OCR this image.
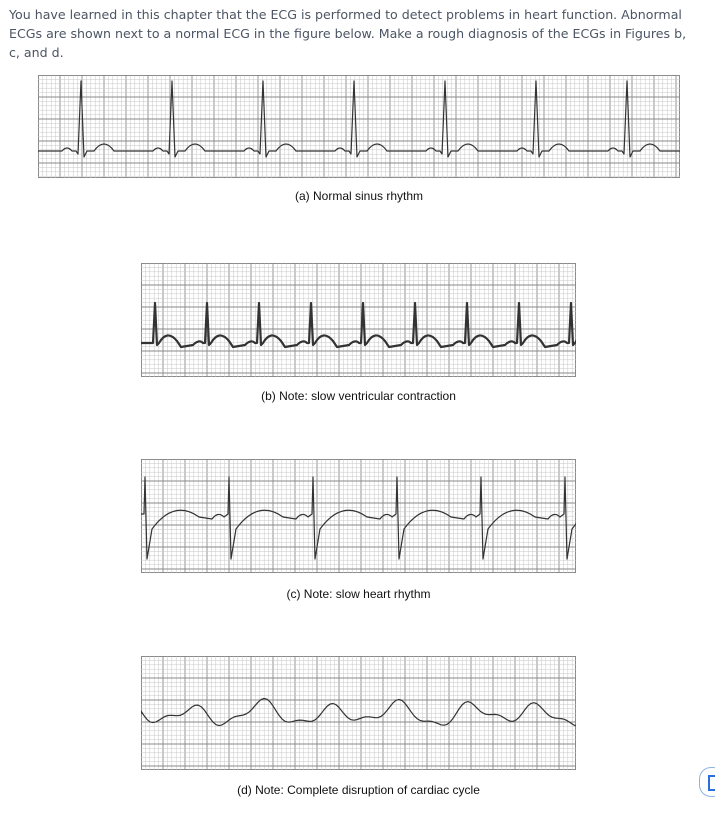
You have learned in this chapter that the ECG is performed to detect problems in heart function. Abnormal ECGs are shown next to a normal ECG in the figure below. Make a rough diagnosis of the ECGs in Figures b, c, and d.
(a) Normal sinus rhythm
(b) Note: slow ventricular contraction
(c) Note: slow heart rhythm
(d) Note: Complete disruption of cardiac cycle
